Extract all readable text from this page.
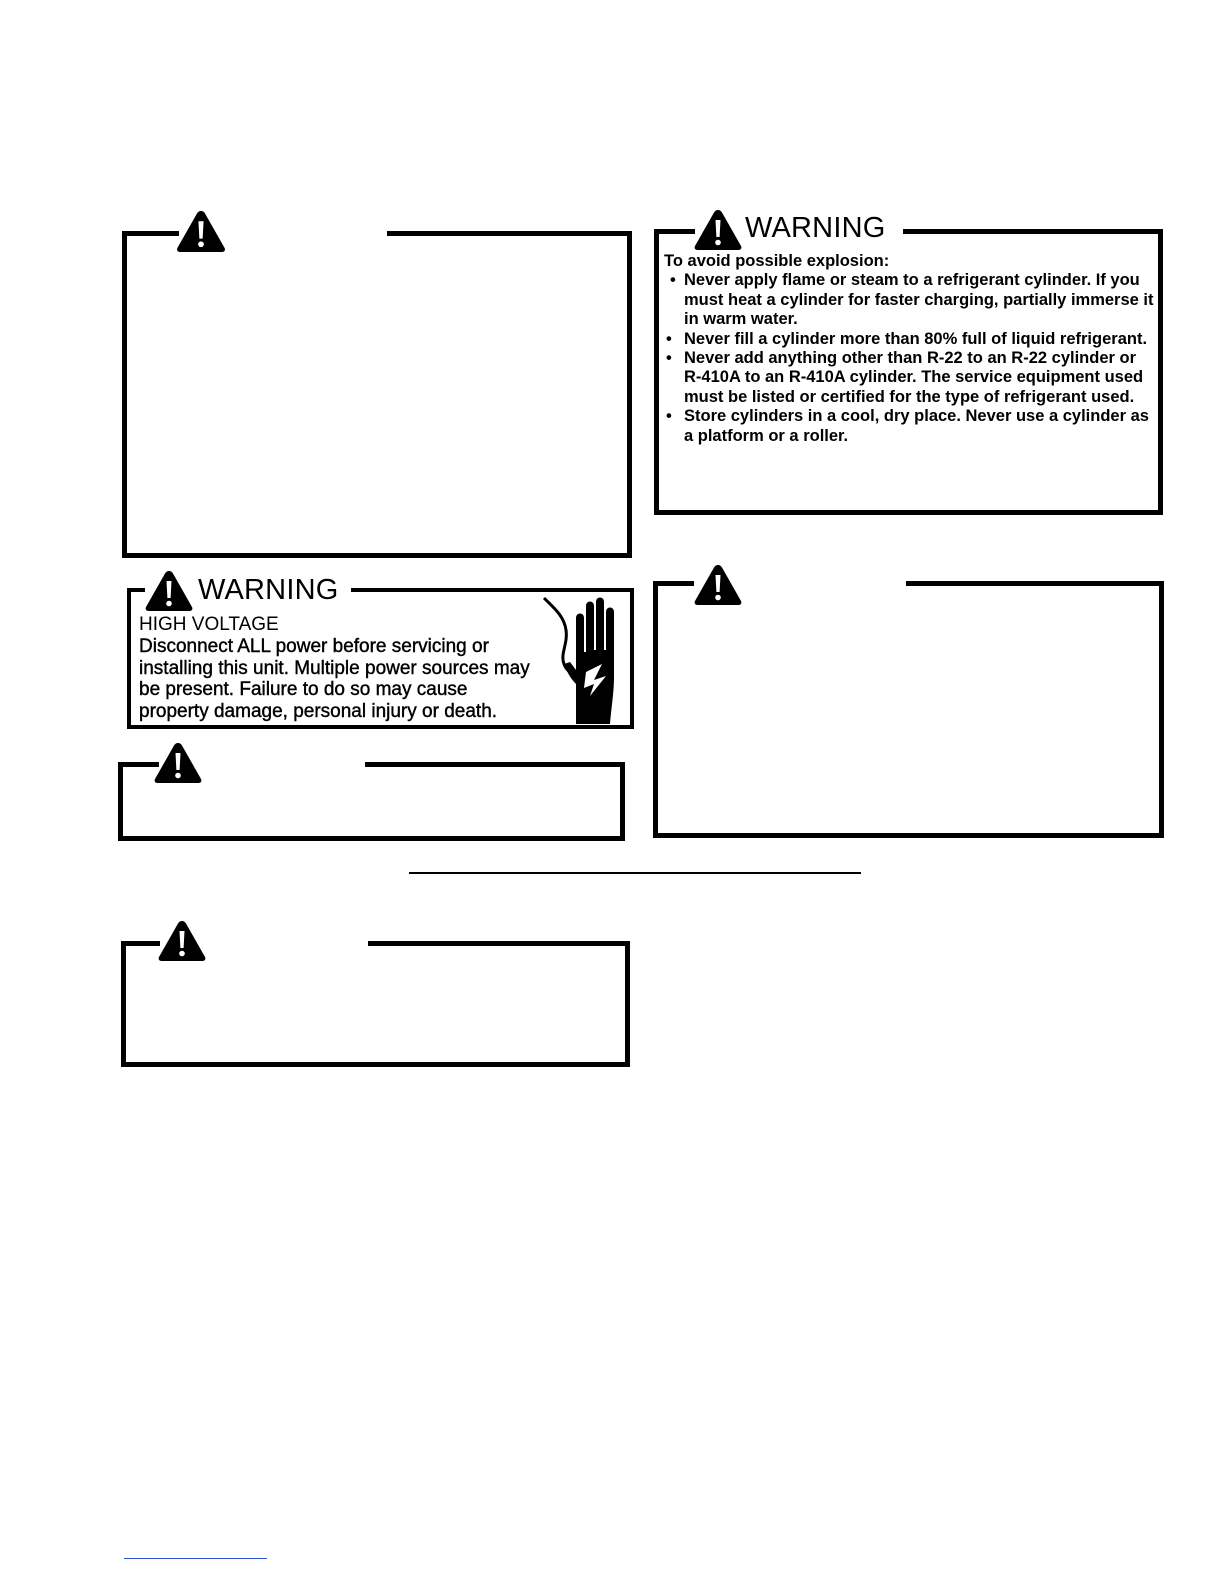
WARNING
To avoid possible explosion:
• Never apply flame or steam to a refrigerant cylinder. If you must heat a cylinder for faster charging, partially immerse it in warm water.
• Never fill a cylinder more than 80% full of liquid refrigerant.
• Never add anything other than R-22 to an R-22 cylinder or R-410A to an R-410A cylinder. The service equipment used must be listed or certified for the type of refrigerant used.
• Store cylinders in a cool, dry place. Never use a cylinder as a platform or a roller.
WARNING
HIGH VOLTAGE
Disconnect ALL power before servicing or installing this unit. Multiple power sources may be present. Failure to do so may cause property damage, personal injury or death.
